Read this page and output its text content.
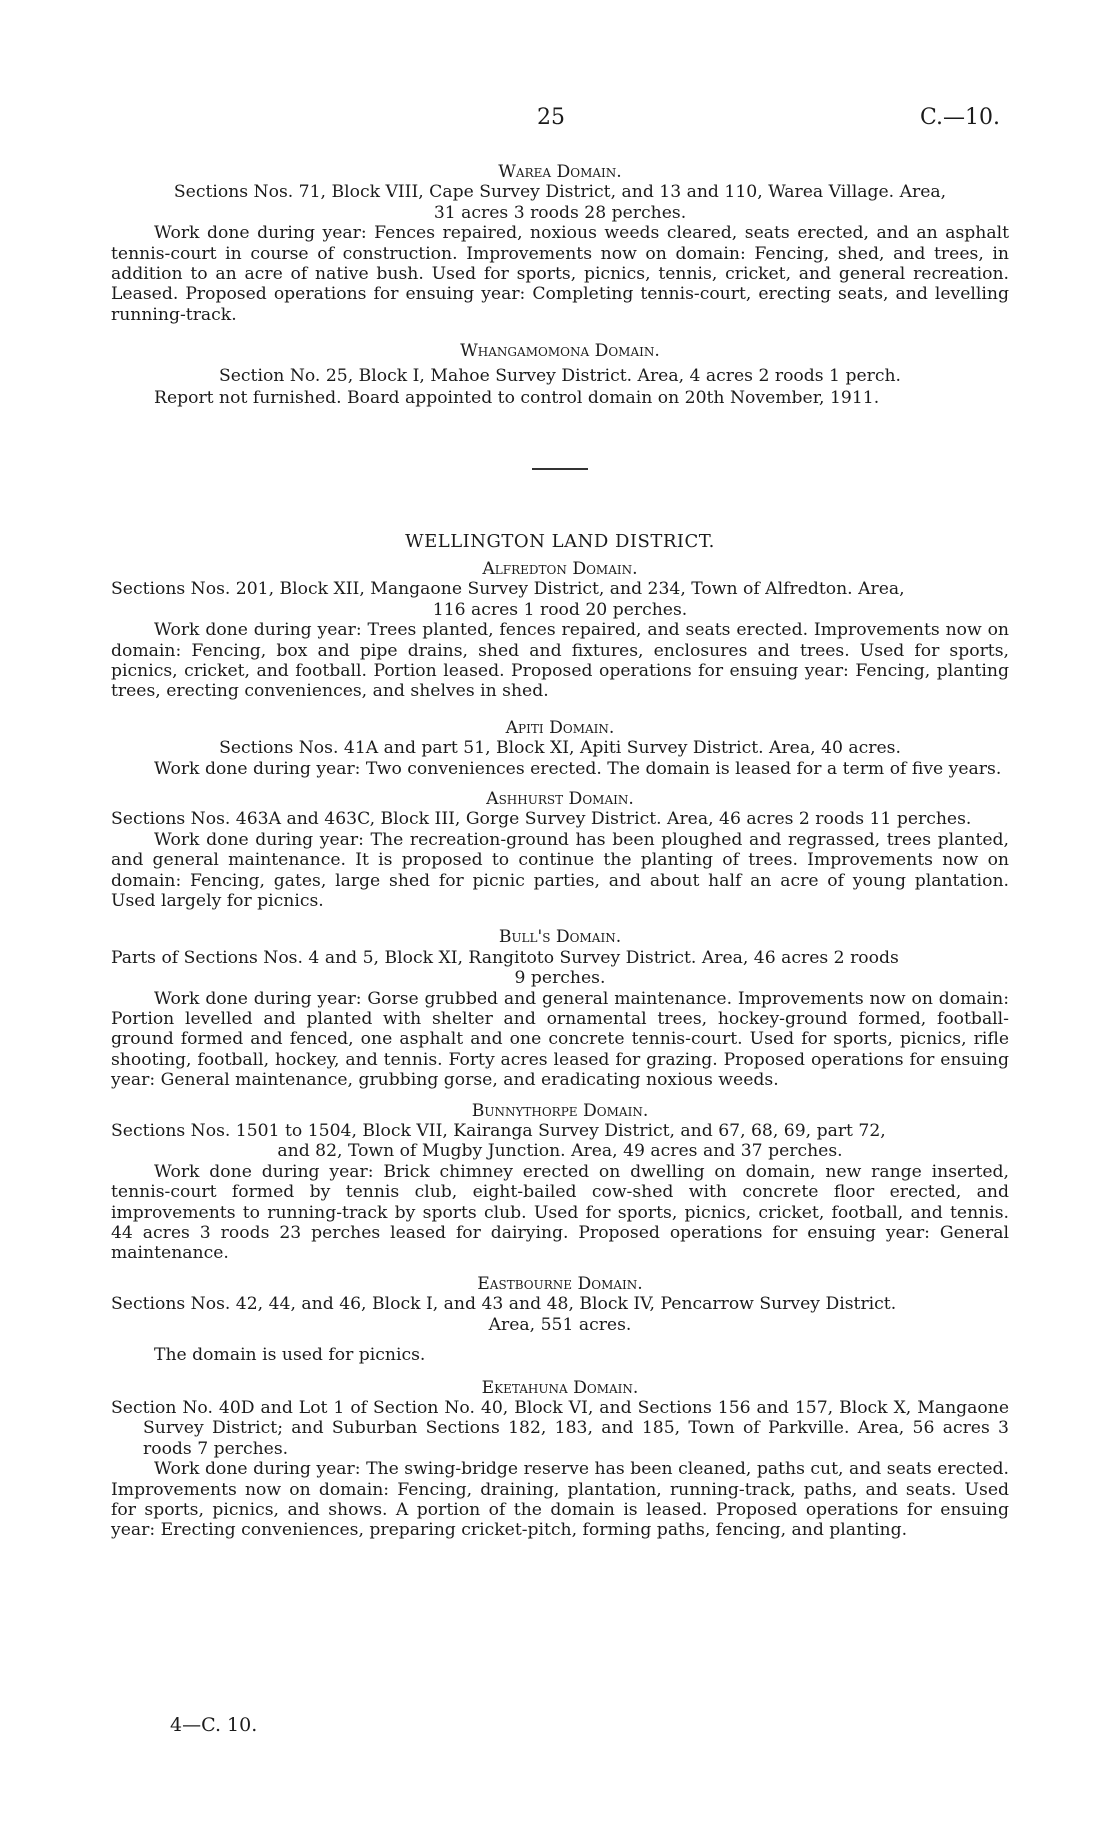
25	C.—10.

Warea Domain.

Sections Nos. 71, Block VIII, Cape Survey District, and 13 and 110, Warea Village. Area,

31 acres 3 roods 28 perches.

Work done during year: Fences repaired, noxious weeds cleared, seats erected, and an asphalt tennis-court in course of construction. Improvements now on domain: Fencing, shed, and trees, in addition to an acre of native bush. Used for sports, picnics, tennis, cricket, and general recreation. Leased. Proposed operations for ensuing year: Completing tennis-court, erecting seats, and levelling running-track.

Whangamomona Domain.

Section No. 25, Block I, Mahoe Survey District. Area, 4 acres 2 roods 1 perch.

Report not furnished. Board appointed to control domain on 20th November, 1911.

WELLINGTON LAND DISTRICT.

Alfredton Domain.

Sections Nos. 201, Block XII, Mangaone Survey District, and 234, Town of Alfredton. Area,

116 acres 1 rood 20 perches.

Work done during year: Trees planted, fences repaired, and seats erected. Improvements now on domain: Fencing, box and pipe drains, shed and fixtures, enclosures and trees. Used for sports, picnics, cricket, and football. Portion leased. Proposed operations for ensuing year: Fencing, planting trees, erecting conveniences, and shelves in shed.

Apiti Domain.

Sections Nos. 41A and part 51, Block XI, Apiti Survey District. Area, 40 acres.

Work done during year: Two conveniences erected. The domain is leased for a term of five years.

Ashhurst Domain.

Sections Nos. 463A and 463C, Block III, Gorge Survey District. Area, 46 acres 2 roods 11 perches.

Work done during year: The recreation-ground has been ploughed and regrassed, trees planted, and general maintenance. It is proposed to continue the planting of trees. Improvements now on domain: Fencing, gates, large shed for picnic parties, and about half an acre of young plantation. Used largely for picnics.

Bull's Domain.

Parts of Sections Nos. 4 and 5, Block XI, Rangitoto Survey District. Area, 46 acres 2 roods

9 perches.

Work done during year: Gorse grubbed and general maintenance. Improvements now on domain: Portion levelled and planted with shelter and ornamental trees, hockey-ground formed, football-ground formed and fenced, one asphalt and one concrete tennis-court. Used for sports, picnics, rifle shooting, football, hockey, and tennis. Forty acres leased for grazing. Proposed operations for ensuing year: General maintenance, grubbing gorse, and eradicating noxious weeds.

Bunnythorpe Domain.

Sections Nos. 1501 to 1504, Block VII, Kairanga Survey District, and 67, 68, 69, part 72,

and 82, Town of Mugby Junction. Area, 49 acres and 37 perches.

Work done during year: Brick chimney erected on dwelling on domain, new range inserted, tennis-court formed by tennis club, eight-bailed cow-shed with concrete floor erected, and improvements to running-track by sports club. Used for sports, picnics, cricket, football, and tennis. 44 acres 3 roods 23 perches leased for dairying. Proposed operations for ensuing year: General maintenance.

Eastbourne Domain.

Sections Nos. 42, 44, and 46, Block I, and 43 and 48, Block IV, Pencarrow Survey District.

Area, 551 acres.

The domain is used for picnics.

Eketahuna Domain.

Section No. 40D and Lot 1 of Section No. 40, Block VI, and Sections 156 and 157, Block X, Mangaone Survey District; and Suburban Sections 182, 183, and 185, Town of Parkville. Area, 56 acres 3 roods 7 perches.

Work done during year: The swing-bridge reserve has been cleaned, paths cut, and seats erected. Improvements now on domain: Fencing, draining, plantation, running-track, paths, and seats. Used for sports, picnics, and shows. A portion of the domain is leased. Proposed operations for ensuing year: Erecting conveniences, preparing cricket-pitch, forming paths, fencing, and planting.

4—C. 10.
